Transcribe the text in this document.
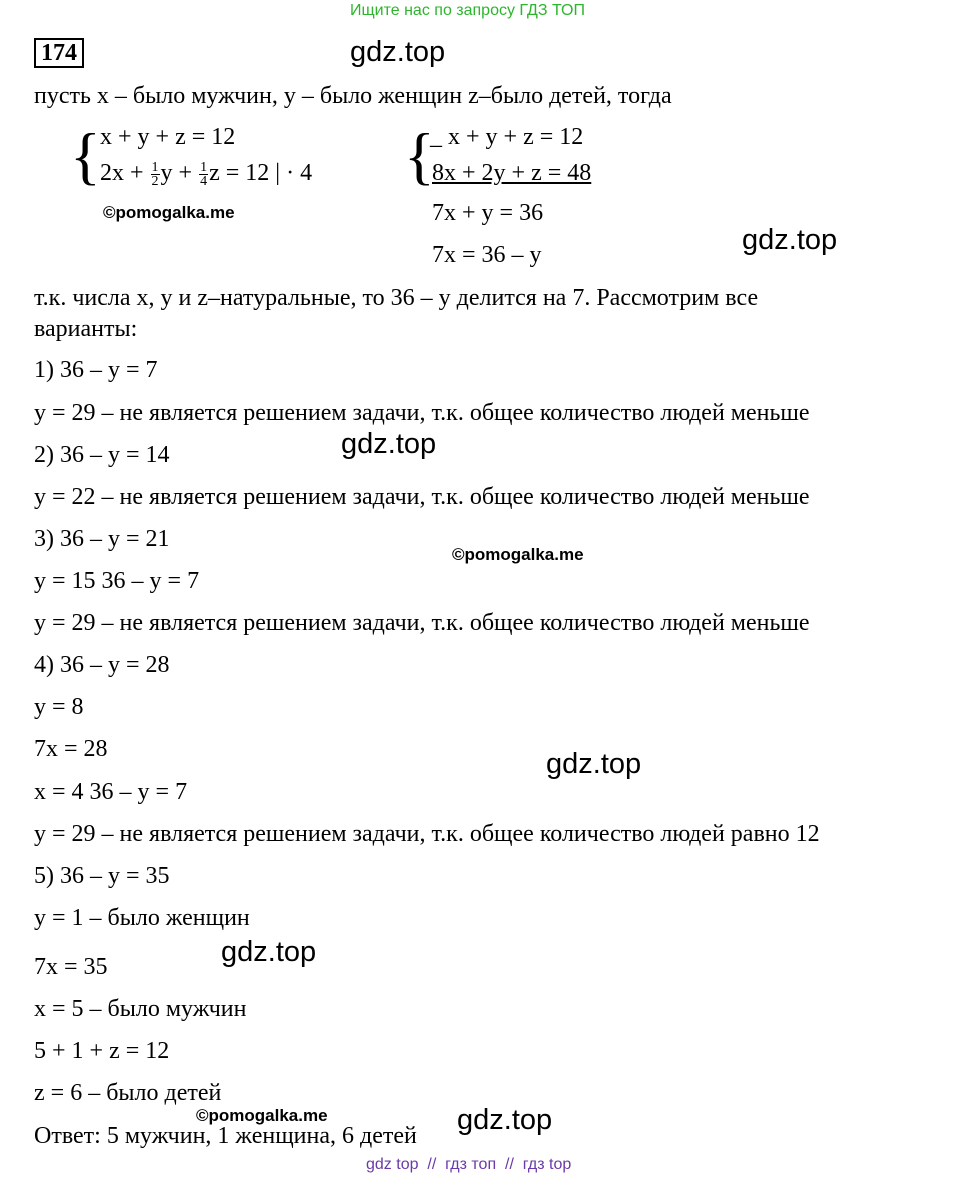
Ищите нас по запросу ГДЗ ТОП
174	gdz.top
пусть x – было мужчин, y – было женщин z–было детей, тогда
{ x + y + z = 12
$2x + \frac{1}{2}$ $y + \frac{1}{4}$ z = 12 | · 4
©pomogalka.me
{
_ x + y + z = 12
8x + 2y + z = 48
7x + y = 36
7x = 36 – y	gdz.top
т.к. числа x, y и z–натуральные, то 36 – y делится на 7. Рассмотрим все
варианты:
1) 36 – y = 7
y = 29 – не является решением задачи, т.к. общее количество людей меньше
2) 36 – y = 14	gdz.top
y = 22 – не является решением задачи, т.к. общее количество людей меньше
3) 36 – y = 21
©pomogalka.me
y = 15 36 – y = 7
y = 29 – не является решением задачи, т.к. общее количество людей меньше
4) 36 – y = 28
y = 8
7x = 28	gdz.top
x = 4 36 – y = 7
y = 29 – не является решением задачи, т.к. общее количество людей равно 12
5) 36 – y = 35
y = 1 – было женщин
gdz.top
7x = 35
x = 5 – было мужчин
5 + 1 + z = 12
z = 6 – было детей
©pomogalka.me
Ответ: 5 мужчин, 1 женщина, 6 детей gdz.top
gdz top  //  гдз топ  //  гдз top
